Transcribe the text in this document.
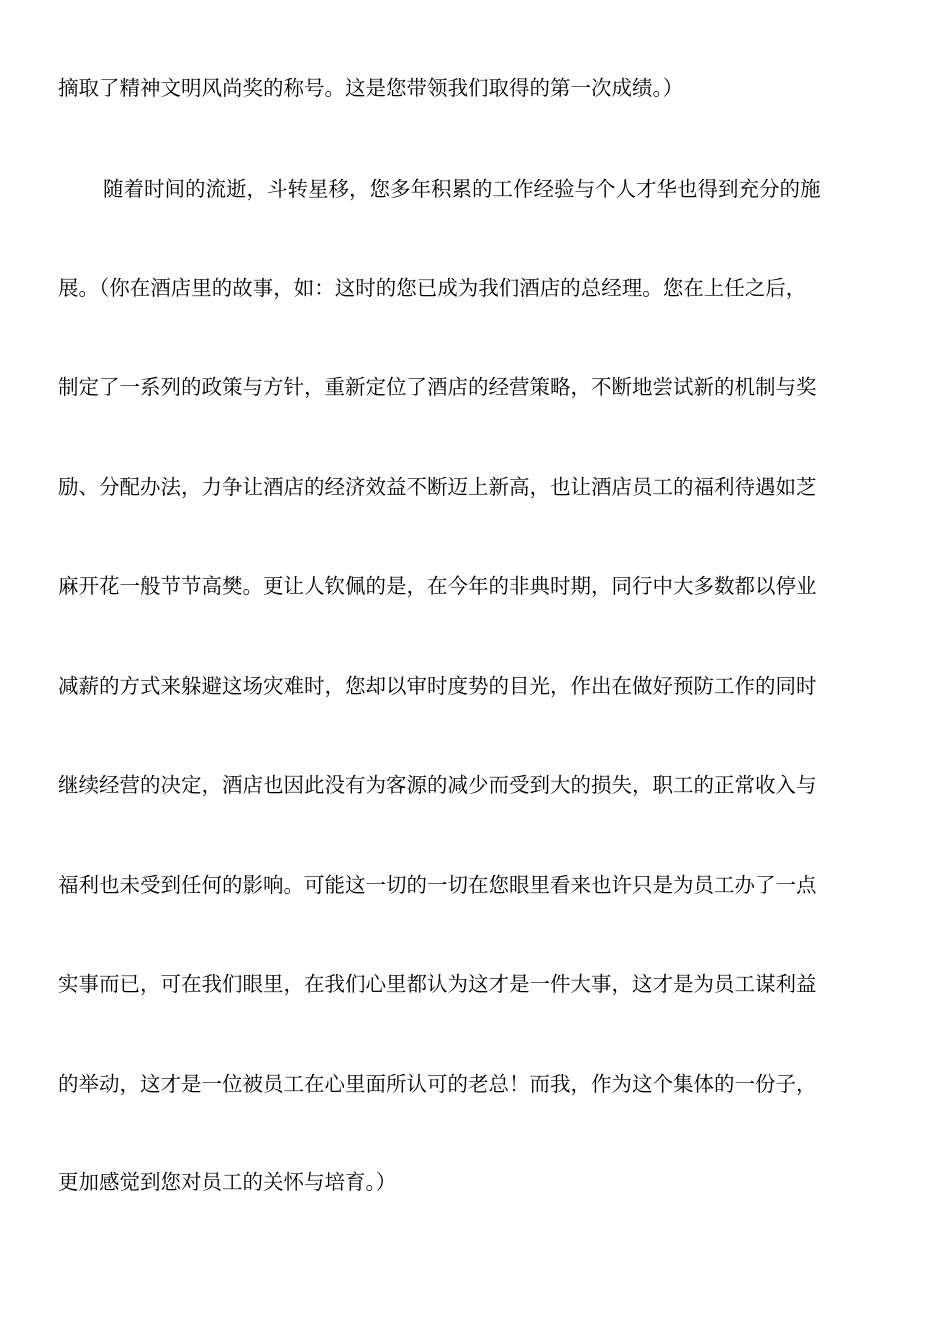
摘取了精神文明风尚奖的称号。这是您带领我们取得的第一次成绩。）
随着时间的流逝，斗转星移，您多年积累的工作经验与个人才华也得到充分的施
展。（你在酒店里的故事，如：这时的您已成为我们酒店的总经理。您在上任之后，
制定了一系列的政策与方针，重新定位了酒店的经营策略，不断地尝试新的机制与奖
励、分配办法，力争让酒店的经济效益不断迈上新高，也让酒店员工的福利待遇如芝
麻开花一般节节高樊。更让人钦佩的是，在今年的非典时期，同行中大多数都以停业
减薪的方式来躲避这场灾难时，您却以审时度势的目光，作出在做好预防工作的同时
继续经营的决定，酒店也因此没有为客源的减少而受到大的损失，职工的正常收入与
福利也未受到任何的影响。可能这一切的一切在您眼里看来也许只是为员工办了一点
实事而已，可在我们眼里，在我们心里都认为这才是一件大事，这才是为员工谋利益
的举动，这才是一位被员工在心里面所认可的老总！而我，作为这个集体的一份子，
更加感觉到您对员工的关怀与培育。）
